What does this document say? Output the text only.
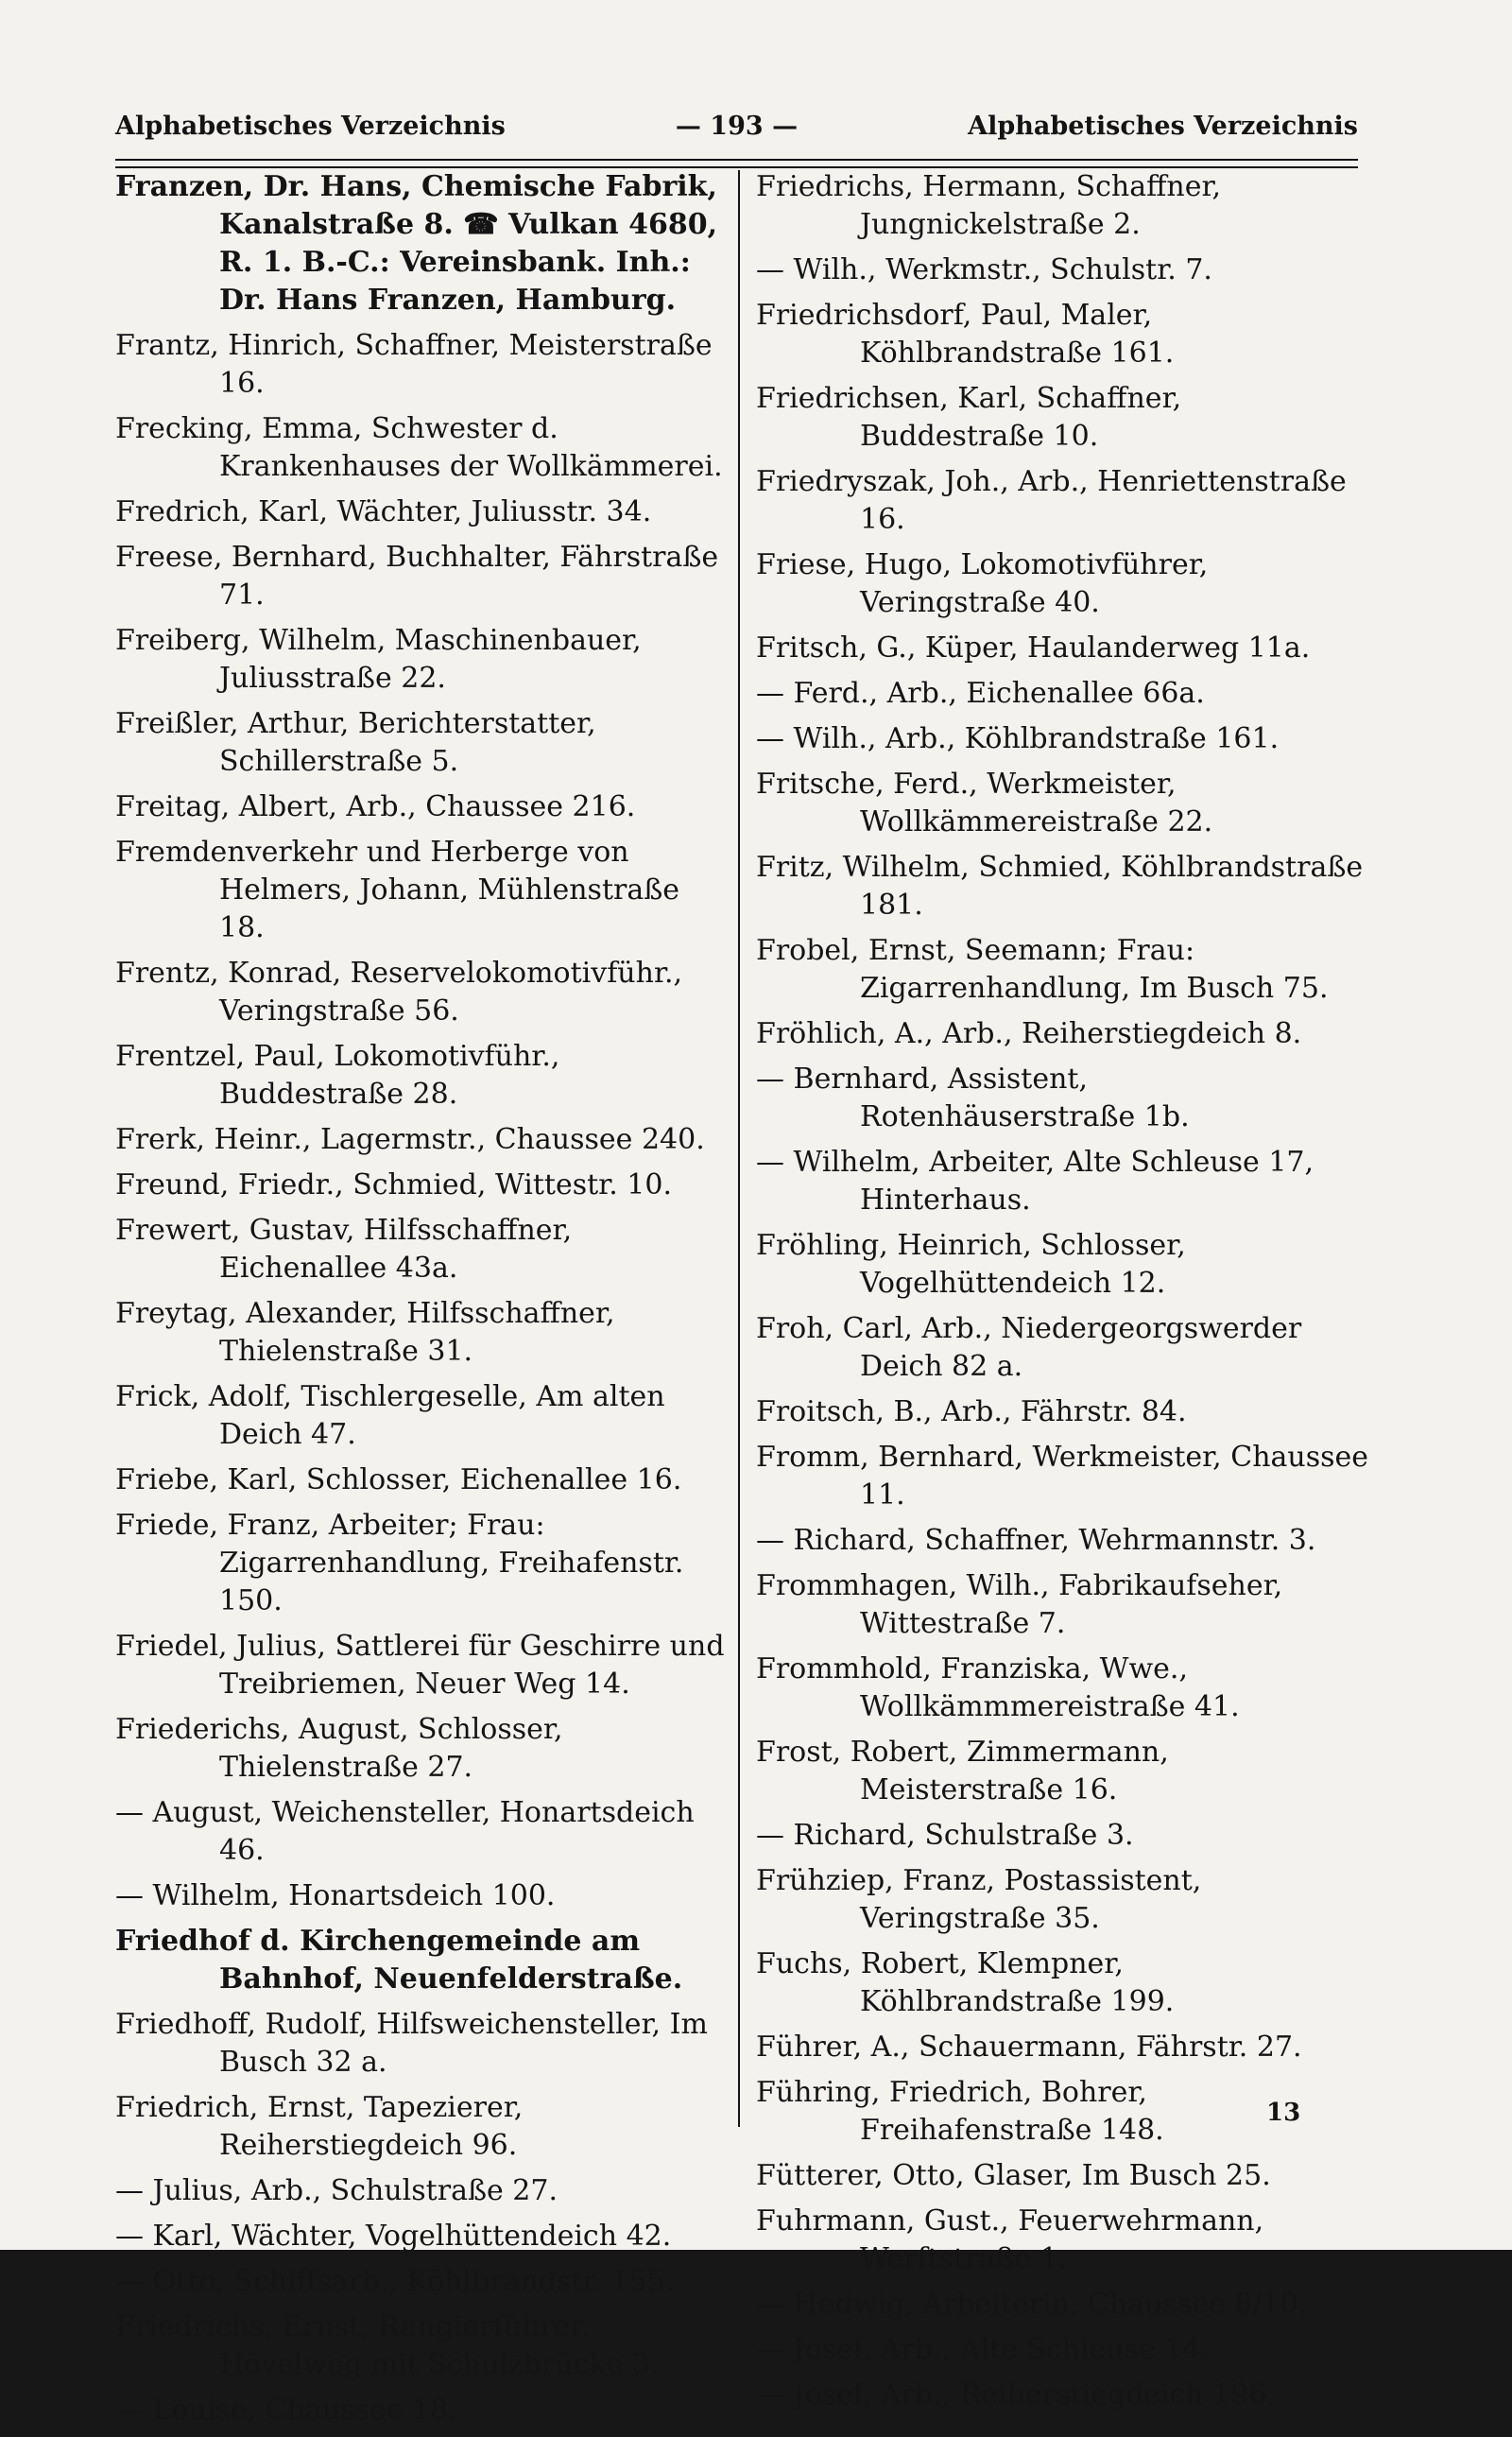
Alphabetisches Verzeichnis	— 193 —	Alphabetisches Verzeichnis
Franzen, Dr. Hans, Chemische Fabrik, Kanalstraße 8. ☎ Vulkan 4680, R. 1. B.-C.: Vereinsbank. Inh.: Dr. Hans Franzen, Hamburg.
Frantz, Hinrich, Schaffner, Meisterstraße 16.
Frecking, Emma, Schwester d. Krankenhauses der Wollkämmerei.
Fredrich, Karl, Wächter, Juliusstr. 34.
Freese, Bernhard, Buchhalter, Fährstraße 71.
Freiberg, Wilhelm, Maschinenbauer, Juliusstraße 22.
Freißler, Arthur, Berichterstatter, Schillerstraße 5.
Freitag, Albert, Arb., Chaussee 216.
Fremdenverkehr und Herberge von Helmers, Johann, Mühlenstraße 18.
Frentz, Konrad, Reservelokomotivführ., Veringstraße 56.
Frentzel, Paul, Lokomotivführ., Buddestraße 28.
Frerk, Heinr., Lagermstr., Chaussee 240.
Freund, Friedr., Schmied, Wittestr. 10.
Frewert, Gustav, Hilfsschaffner, Eichenallee 43a.
Freytag, Alexander, Hilfsschaffner, Thielenstraße 31.
Frick, Adolf, Tischlergeselle, Am alten Deich 47.
Friebe, Karl, Schlosser, Eichenallee 16.
Friede, Franz, Arbeiter; Frau: Zigarrenhandlung, Freihafenstr. 150.
Friedel, Julius, Sattlerei für Geschirre und Treibriemen, Neuer Weg 14.
Friederichs, August, Schlosser, Thielenstraße 27.
— August, Weichensteller, Honartsdeich 46.
— Wilhelm, Honartsdeich 100.
Friedhof d. Kirchengemeinde am Bahnhof, Neuenfelderstraße.
Friedhoff, Rudolf, Hilfsweichensteller, Im Busch 32 a.
Friedrich, Ernst, Tapezierer, Reiherstiegdeich 96.
— Julius, Arb., Schulstraße 27.
— Karl, Wächter, Vogelhüttendeich 42.
— Otto, Schiffsarb., Köhlbrandstr. 155.
Friedrichs, Ernst, Rangierführer, Hövelweg mit Schulzbrücke 3.
— Louise, Chaussee 18.
Friedrichs, Hermann, Schaffner, Jungnickelstraße 2.
— Wilh., Werkmstr., Schulstr. 7.
Friedrichsdorf, Paul, Maler, Köhlbrandstraße 161.
Friedrichsen, Karl, Schaffner, Buddestraße 10.
Friedryszak, Joh., Arb., Henriettenstraße 16.
Friese, Hugo, Lokomotivführer, Veringstraße 40.
Fritsch, G., Küper, Haulanderweg 11a.
— Ferd., Arb., Eichenallee 66a.
— Wilh., Arb., Köhlbrandstraße 161.
Fritsche, Ferd., Werkmeister, Wollkämmereistraße 22.
Fritz, Wilhelm, Schmied, Köhlbrandstraße 181.
Frobel, Ernst, Seemann; Frau: Zigarrenhandlung, Im Busch 75.
Fröhlich, A., Arb., Reiherstiegdeich 8.
— Bernhard, Assistent, Rotenhäuserstraße 1b.
— Wilhelm, Arbeiter, Alte Schleuse 17, Hinterhaus.
Fröhling, Heinrich, Schlosser, Vogelhüttendeich 12.
Froh, Carl, Arb., Niedergeorgswerder Deich 82 a.
Froitsch, B., Arb., Fährstr. 84.
Fromm, Bernhard, Werkmeister, Chaussee 11.
— Richard, Schaffner, Wehrmannstr. 3.
Frommhagen, Wilh., Fabrikaufseher, Wittestraße 7.
Frommhold, Franziska, Wwe., Wollkämmmereistraße 41.
Frost, Robert, Zimmermann, Meisterstraße 16.
— Richard, Schulstraße 3.
Frühziep, Franz, Postassistent, Veringstraße 35.
Fuchs, Robert, Klempner, Köhlbrandstraße 199.
Führer, A., Schauermann, Fährstr. 27.
Führing, Friedrich, Bohrer, Freihafenstraße 148.
Fütterer, Otto, Glaser, Im Busch 25.
Fuhrmann, Gust., Feuerwehrmann, Werftstraße 1.
— Hedwig, Arbeiterin, Chaussee 8/10.
— Josef, Arb., Alte Schleuse 14.
— Josef, Arb., Reiherstiegdeich 196.
13
